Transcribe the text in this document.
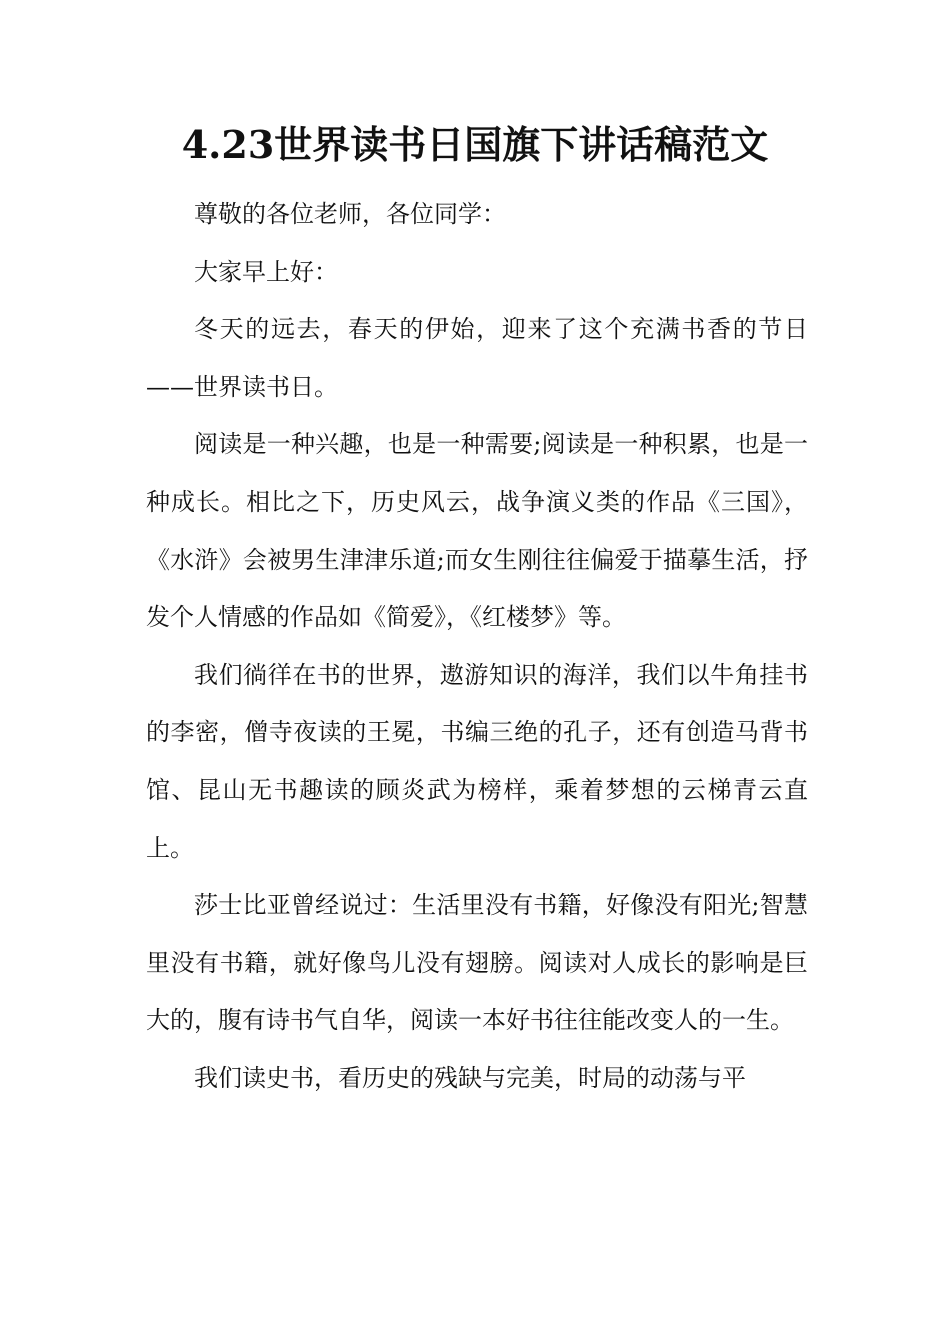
4.23世界读书日国旗下讲话稿范文

尊敬的各位老师，各位同学：

大家早上好：

冬天的远去，春天的伊始，迎来了这个充满书香的节日——世界读书日。

阅读是一种兴趣，也是一种需要;阅读是一种积累，也是一种成长。相比之下，历史风云，战争演义类的作品《三国》，《水浒》会被男生津津乐道;而女生刚往往偏爱于描摹生活，抒发个人情感的作品如《简爱》，《红楼梦》等。

我们徜徉在书的世界，遨游知识的海洋，我们以牛角挂书的李密，僧寺夜读的王冕，书编三绝的孔子，还有创造马背书馆、昆山无书趣读的顾炎武为榜样，乘着梦想的云梯青云直上。

莎士比亚曾经说过：生活里没有书籍，好像没有阳光;智慧里没有书籍，就好像鸟儿没有翅膀。阅读对人成长的影响是巨大的，腹有诗书气自华，阅读一本好书往往能改变人的一生。

我们读史书，看历史的残缺与完美，时局的动荡与平
